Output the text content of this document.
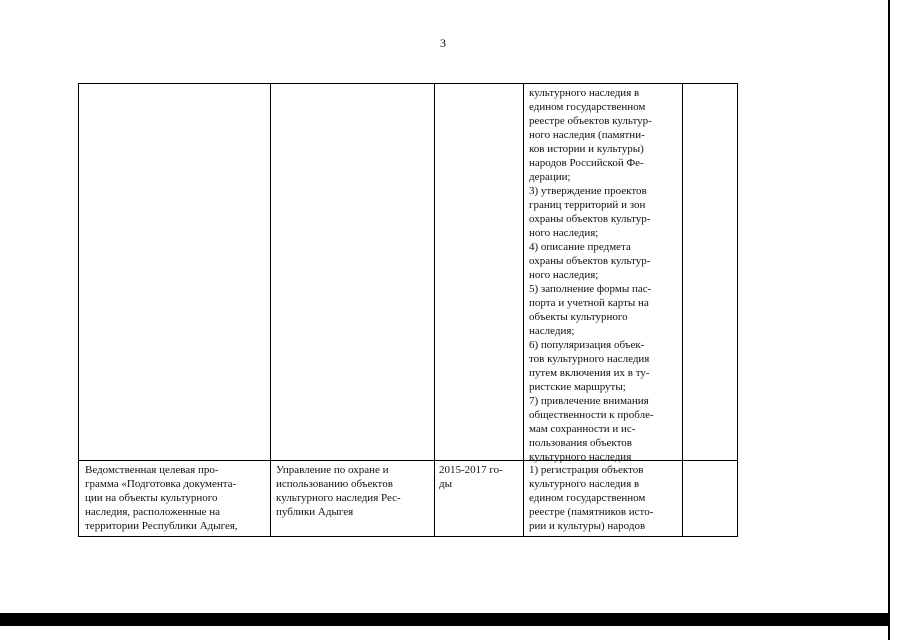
3

культурного наследия в

едином государственном

реестре объектов культур-

ного наследия (памятни-

ков истории и культуры)

народов Российской Фе-

дерации;

3) утверждение проектов

границ территорий и зон

охраны объектов культур-

ного наследия;

4) описание предмета

охраны объектов культур-

ного наследия;

5) заполнение формы пас-

порта и учетной карты на

объекты культурного

наследия;

6) популяризация объек-

тов культурного наследия

путем включения их в ту-

ристские маршруты;

7) привлечение внимания

общественности к пробле-

мам сохранности и ис-

пользования объектов

культурного наследия

Ведомственная целевая про-

грамма «Подготовка документа-

ции на объекты культурного

наследия, расположенные на

территории Республики Адыгея,

Управление по охране и

использованию объектов

культурного наследия Рес-

публики Адыгея

2015-2017 го-

ды

1) регистрация объектов

культурного наследия в

едином государственном

реестре (памятников исто-

рии и культуры) народов
